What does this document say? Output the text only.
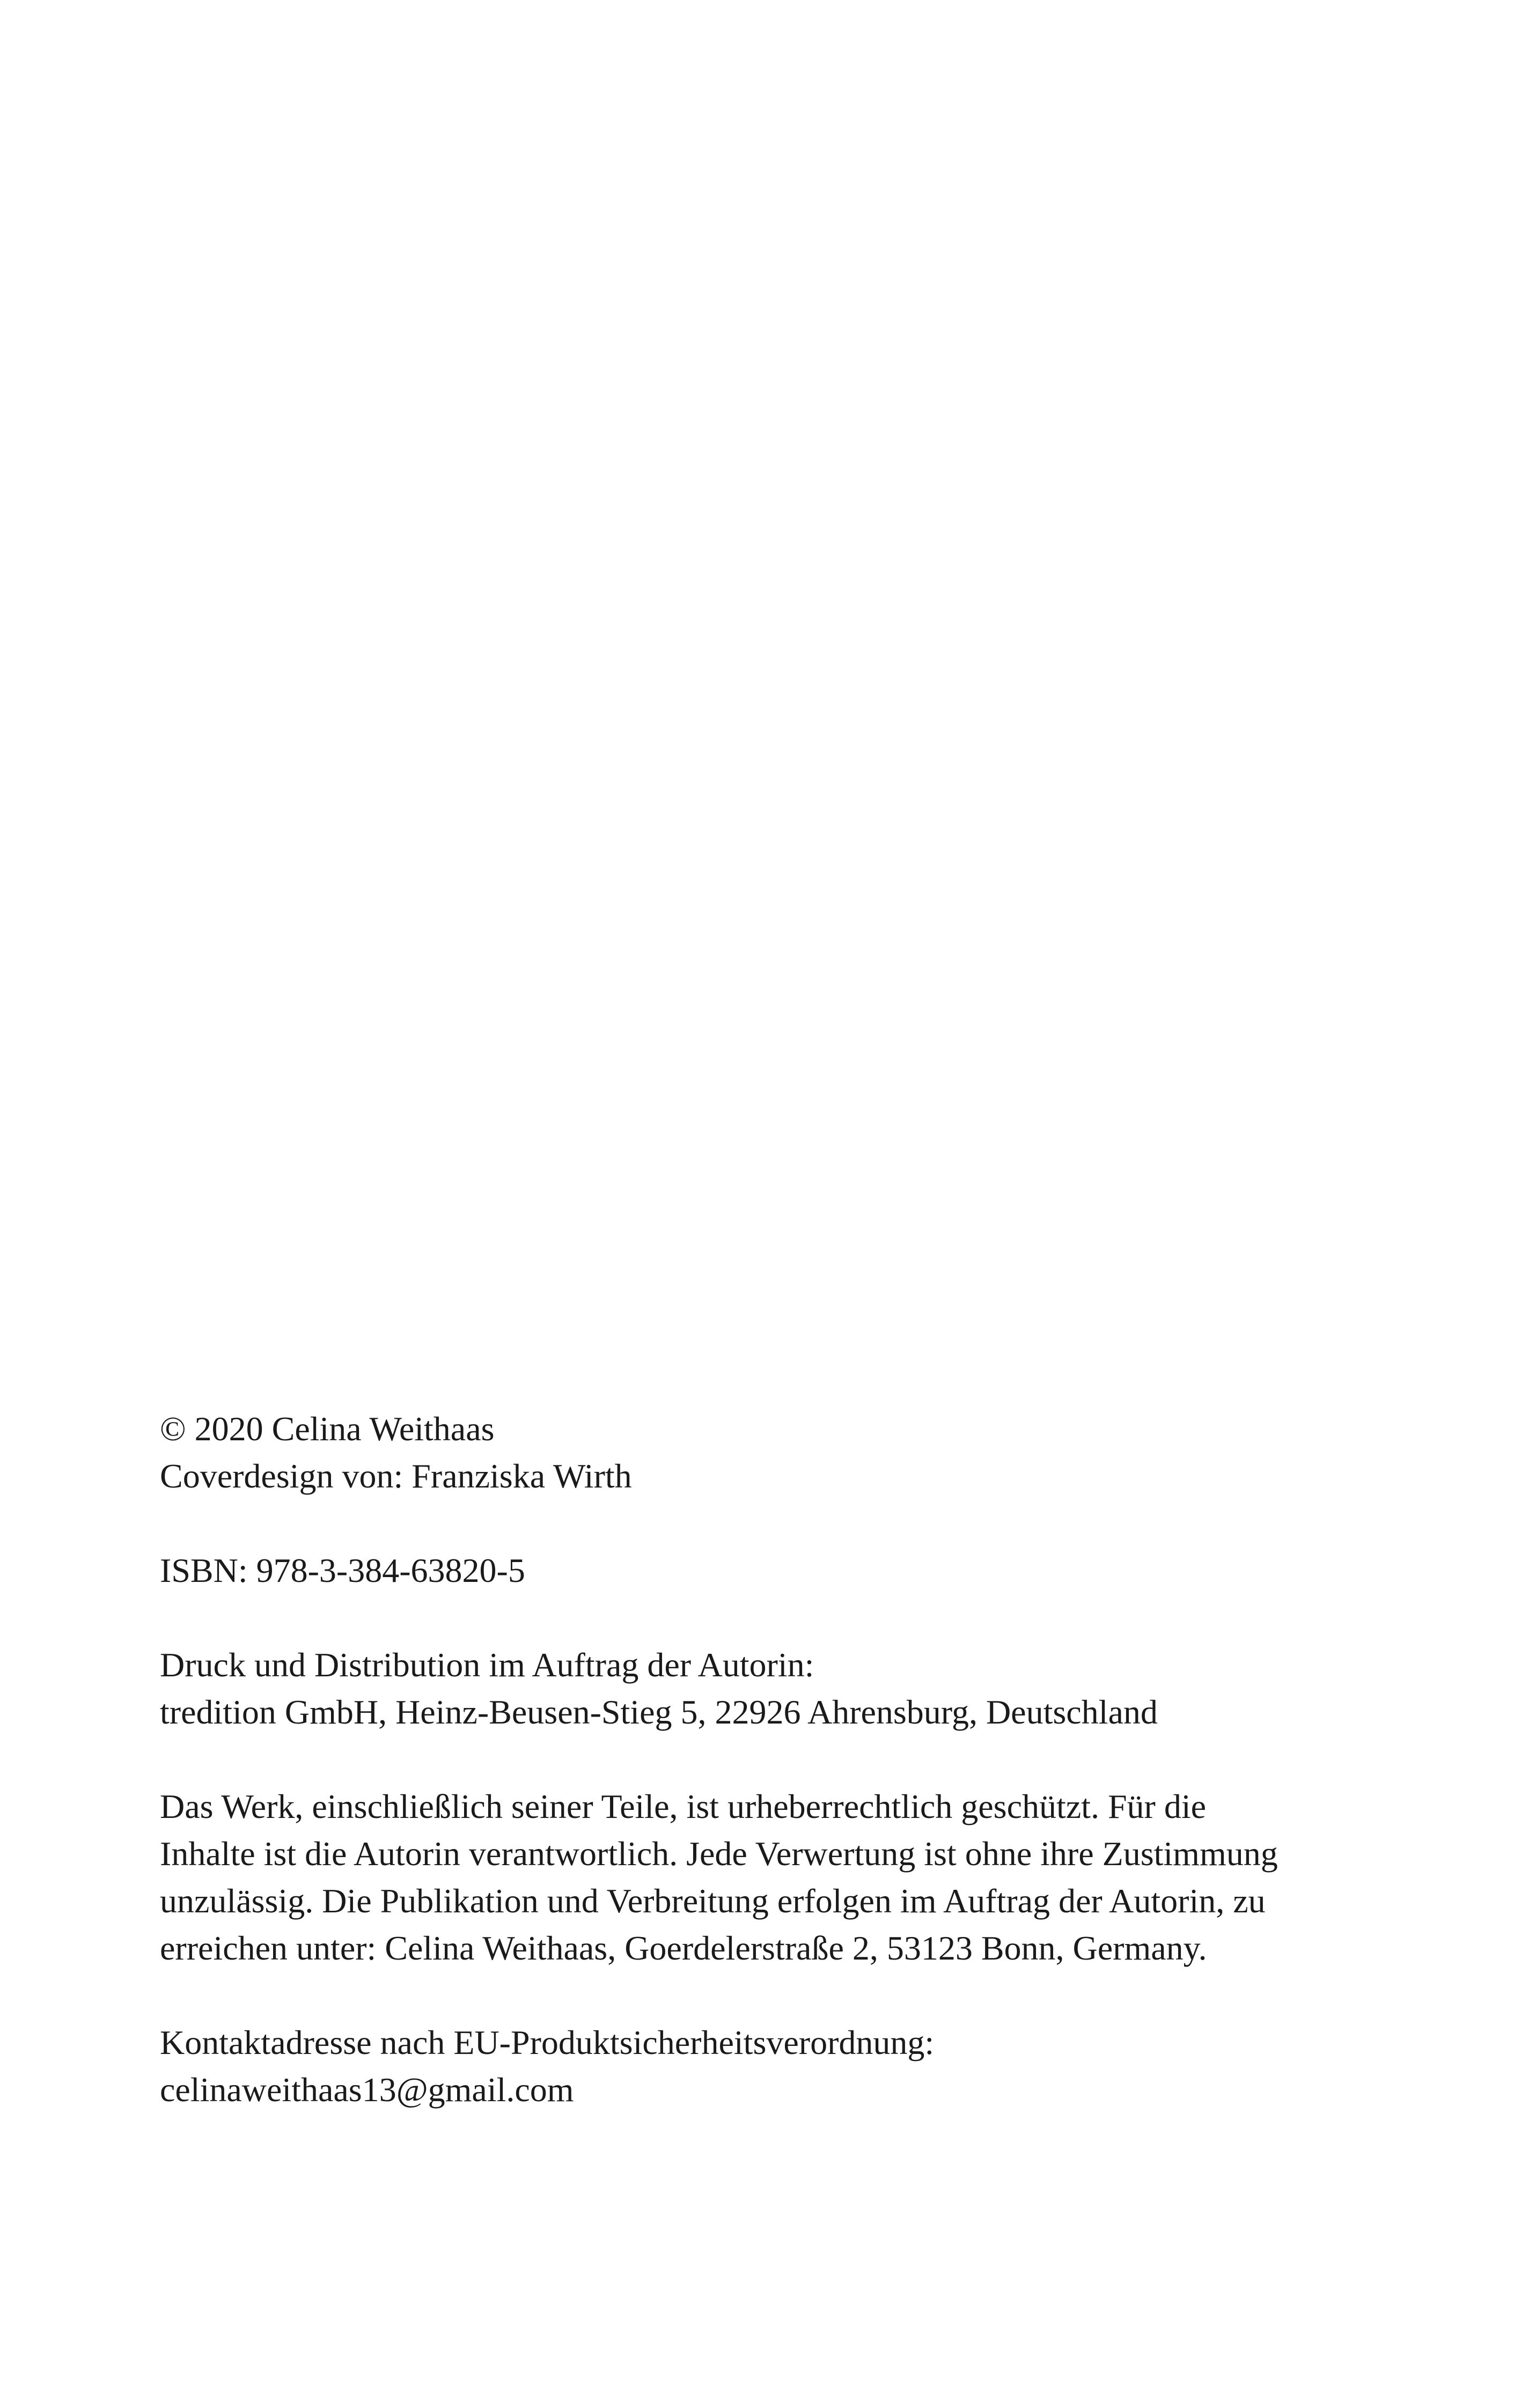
© 2020 Celina Weithaas

Coverdesign von: Franziska Wirth

ISBN: 978-3-384-63820-5

Druck und Distribution im Auftrag der Autorin:

tredition GmbH, Heinz-Beusen-Stieg 5, 22926 Ahrensburg, Deutschland

Das Werk, einschließlich seiner Teile, ist urheberrechtlich geschützt. Für die

Inhalte ist die Autorin verantwortlich. Jede Verwertung ist ohne ihre Zustimmung

unzulässig. Die Publikation und Verbreitung erfolgen im Auftrag der Autorin, zu

erreichen unter: Celina Weithaas, Goerdelerstraße 2, 53123 Bonn, Germany.

Kontaktadresse nach EU-Produktsicherheitsverordnung:

celinaweithaas13@gmail.com
